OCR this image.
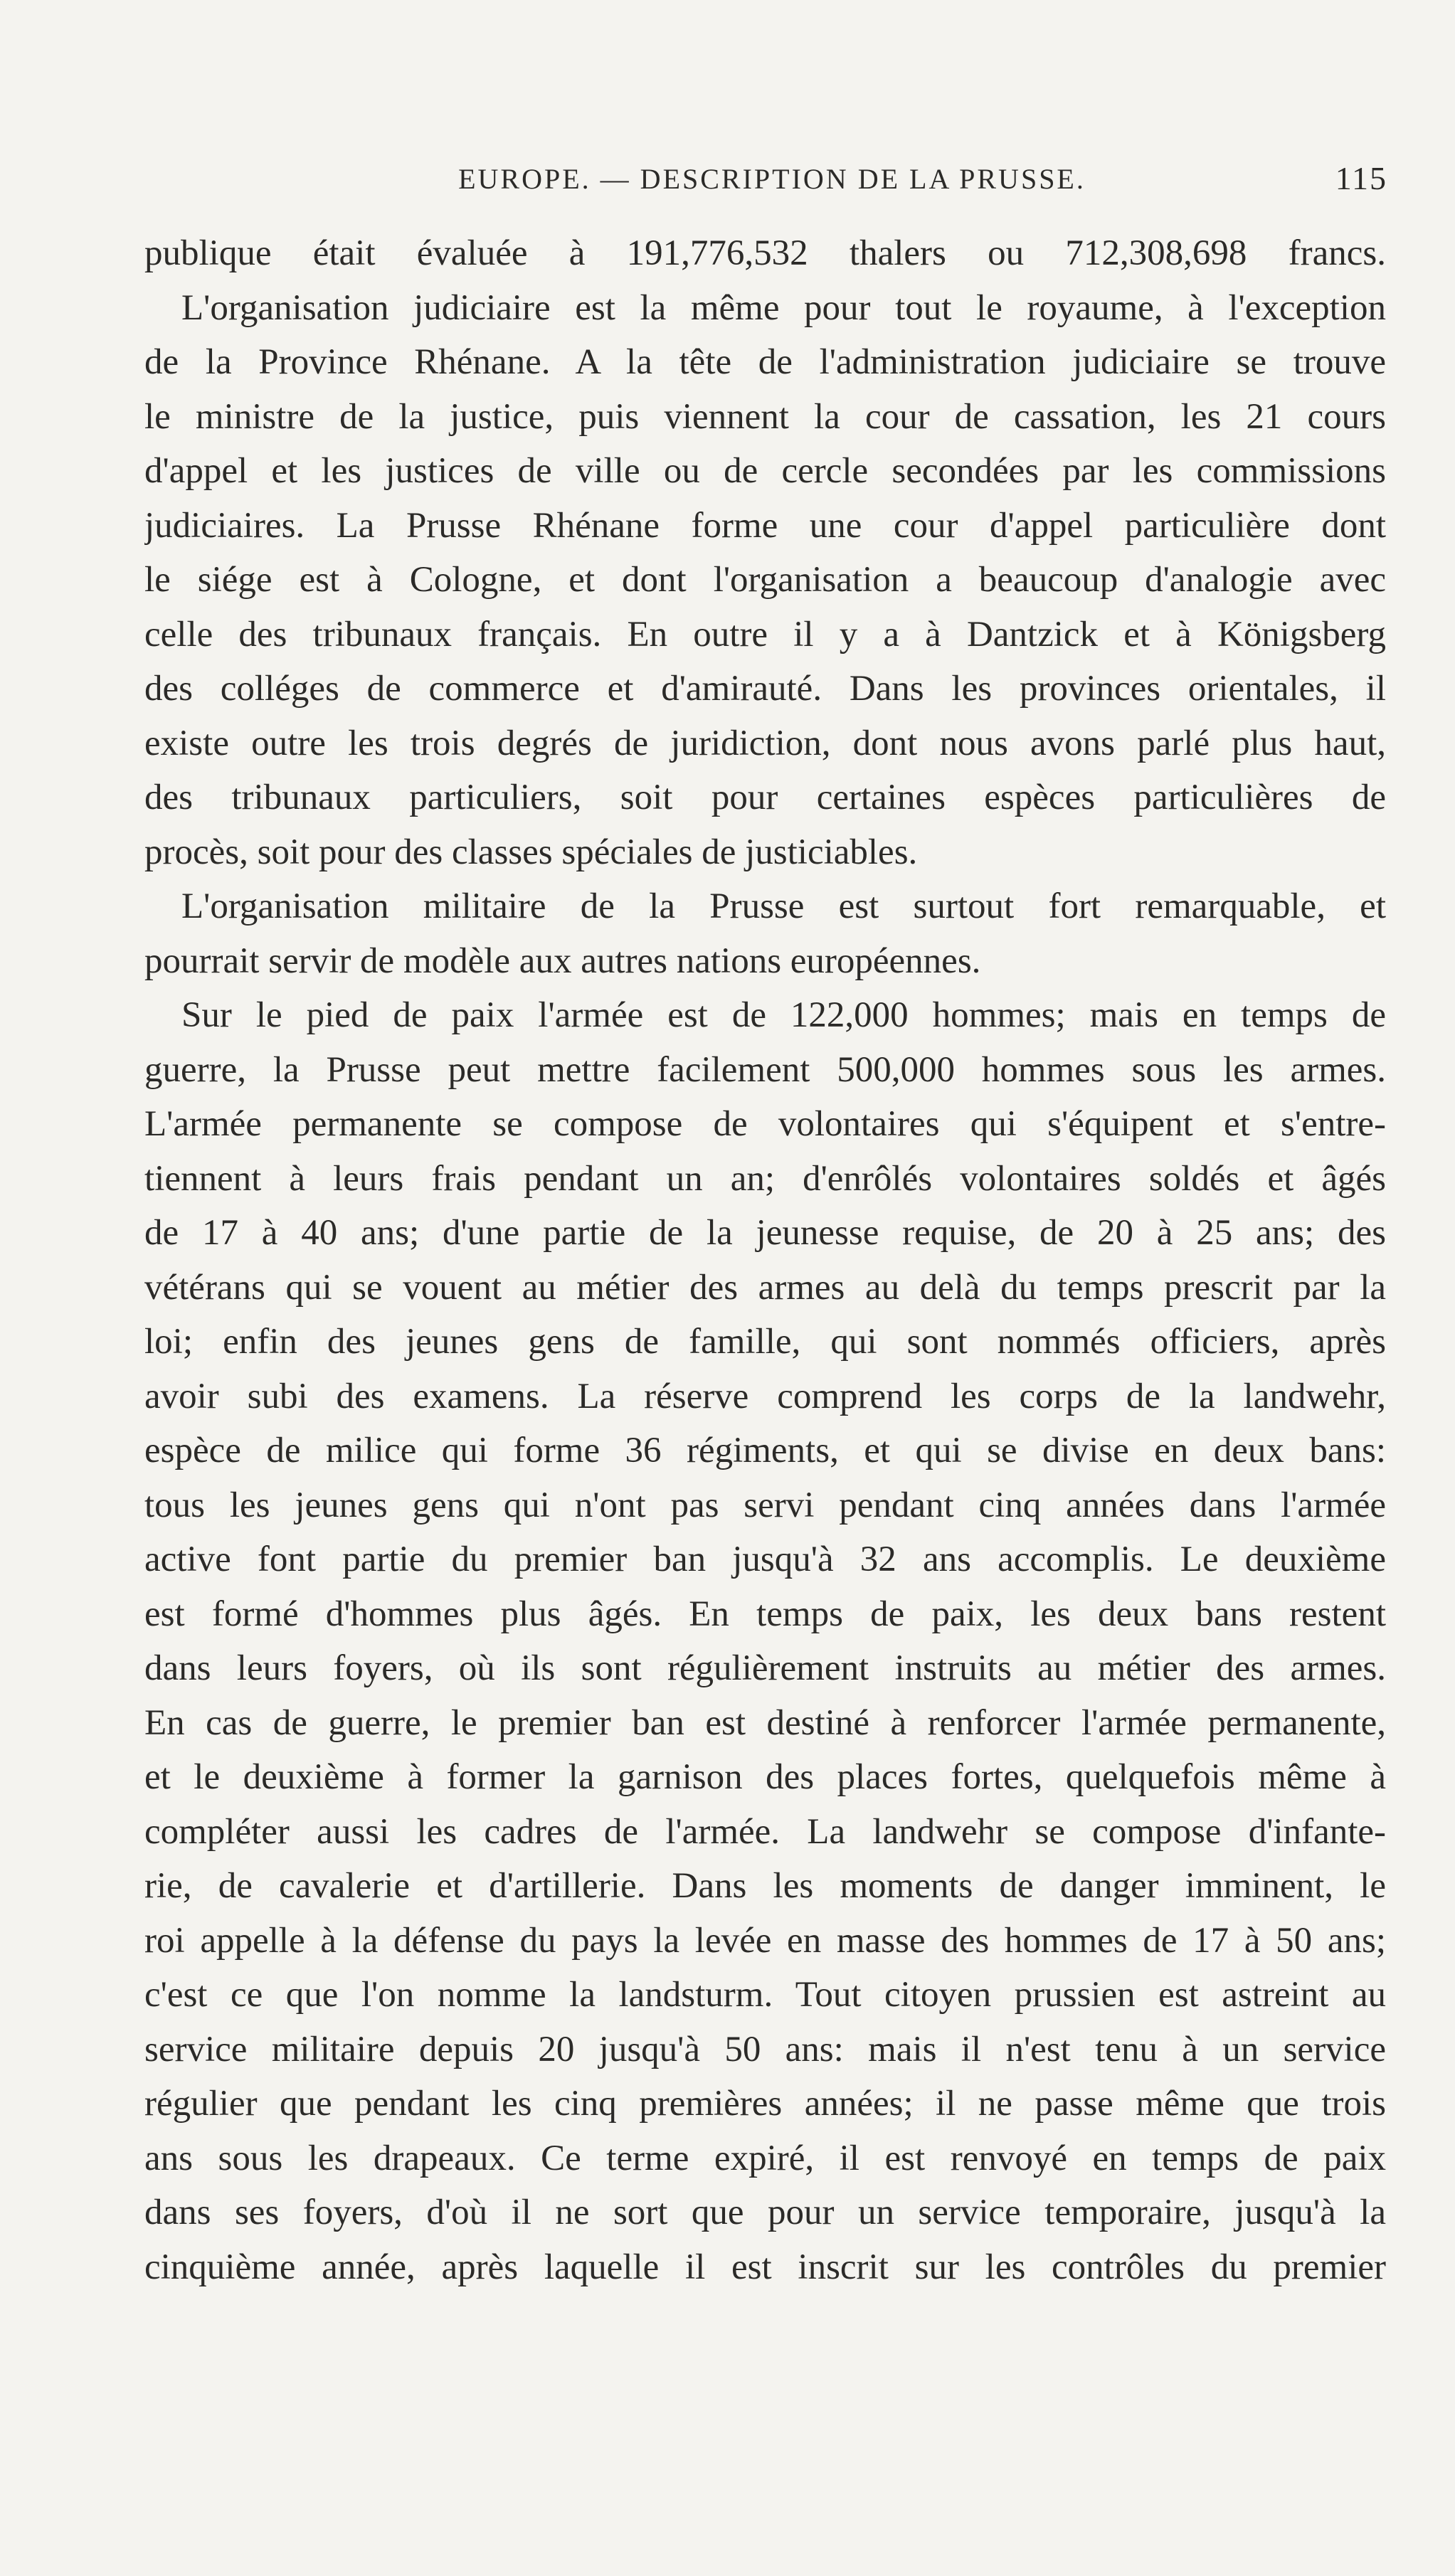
EUROPE. — DESCRIPTION DE LA PRUSSE.	115
publique était évaluée à 191,776,532 thalers ou 712,308,698 francs.
L'organisation judiciaire est la même pour tout le royaume, à l'exception
de la Province Rhénane. A la tête de l'administration judiciaire se trouve
le ministre de la justice, puis viennent la cour de cassation, les 21 cours
d'appel et les justices de ville ou de cercle secondées par les commissions
judiciaires. La Prusse Rhénane forme une cour d'appel particulière dont
le siége est à Cologne, et dont l'organisation a beaucoup d'analogie avec
celle des tribunaux français. En outre il y a à Dantzick et à Königsberg
des colléges de commerce et d'amirauté. Dans les provinces orientales, il
existe outre les trois degrés de juridiction, dont nous avons parlé plus haut,
des tribunaux particuliers, soit pour certaines espèces particulières de
procès, soit pour des classes spéciales de justiciables.
L'organisation militaire de la Prusse est surtout fort remarquable, et
pourrait servir de modèle aux autres nations européennes.
Sur le pied de paix l'armée est de 122,000 hommes; mais en temps de
guerre, la Prusse peut mettre facilement 500,000 hommes sous les armes.
L'armée permanente se compose de volontaires qui s'équipent et s'entre-
tiennent à leurs frais pendant un an; d'enrôlés volontaires soldés et âgés
de 17 à 40 ans; d'une partie de la jeunesse requise, de 20 à 25 ans; des
vétérans qui se vouent au métier des armes au delà du temps prescrit par la
loi; enfin des jeunes gens de famille, qui sont nommés officiers, après
avoir subi des examens. La réserve comprend les corps de la landwehr,
espèce de milice qui forme 36 régiments, et qui se divise en deux bans:
tous les jeunes gens qui n'ont pas servi pendant cinq années dans l'armée
active font partie du premier ban jusqu'à 32 ans accomplis. Le deuxième
est formé d'hommes plus âgés. En temps de paix, les deux bans restent
dans leurs foyers, où ils sont régulièrement instruits au métier des armes.
En cas de guerre, le premier ban est destiné à renforcer l'armée permanente,
et le deuxième à former la garnison des places fortes, quelquefois même à
compléter aussi les cadres de l'armée. La landwehr se compose d'infante-
rie, de cavalerie et d'artillerie. Dans les moments de danger imminent, le
roi appelle à la défense du pays la levée en masse des hommes de 17 à 50 ans;
c'est ce que l'on nomme la landsturm. Tout citoyen prussien est astreint au
service militaire depuis 20 jusqu'à 50 ans: mais il n'est tenu à un service
régulier que pendant les cinq premières années; il ne passe même que trois
ans sous les drapeaux. Ce terme expiré, il est renvoyé en temps de paix
dans ses foyers, d'où il ne sort que pour un service temporaire, jusqu'à la
cinquième année, après laquelle il est inscrit sur les contrôles du premier
